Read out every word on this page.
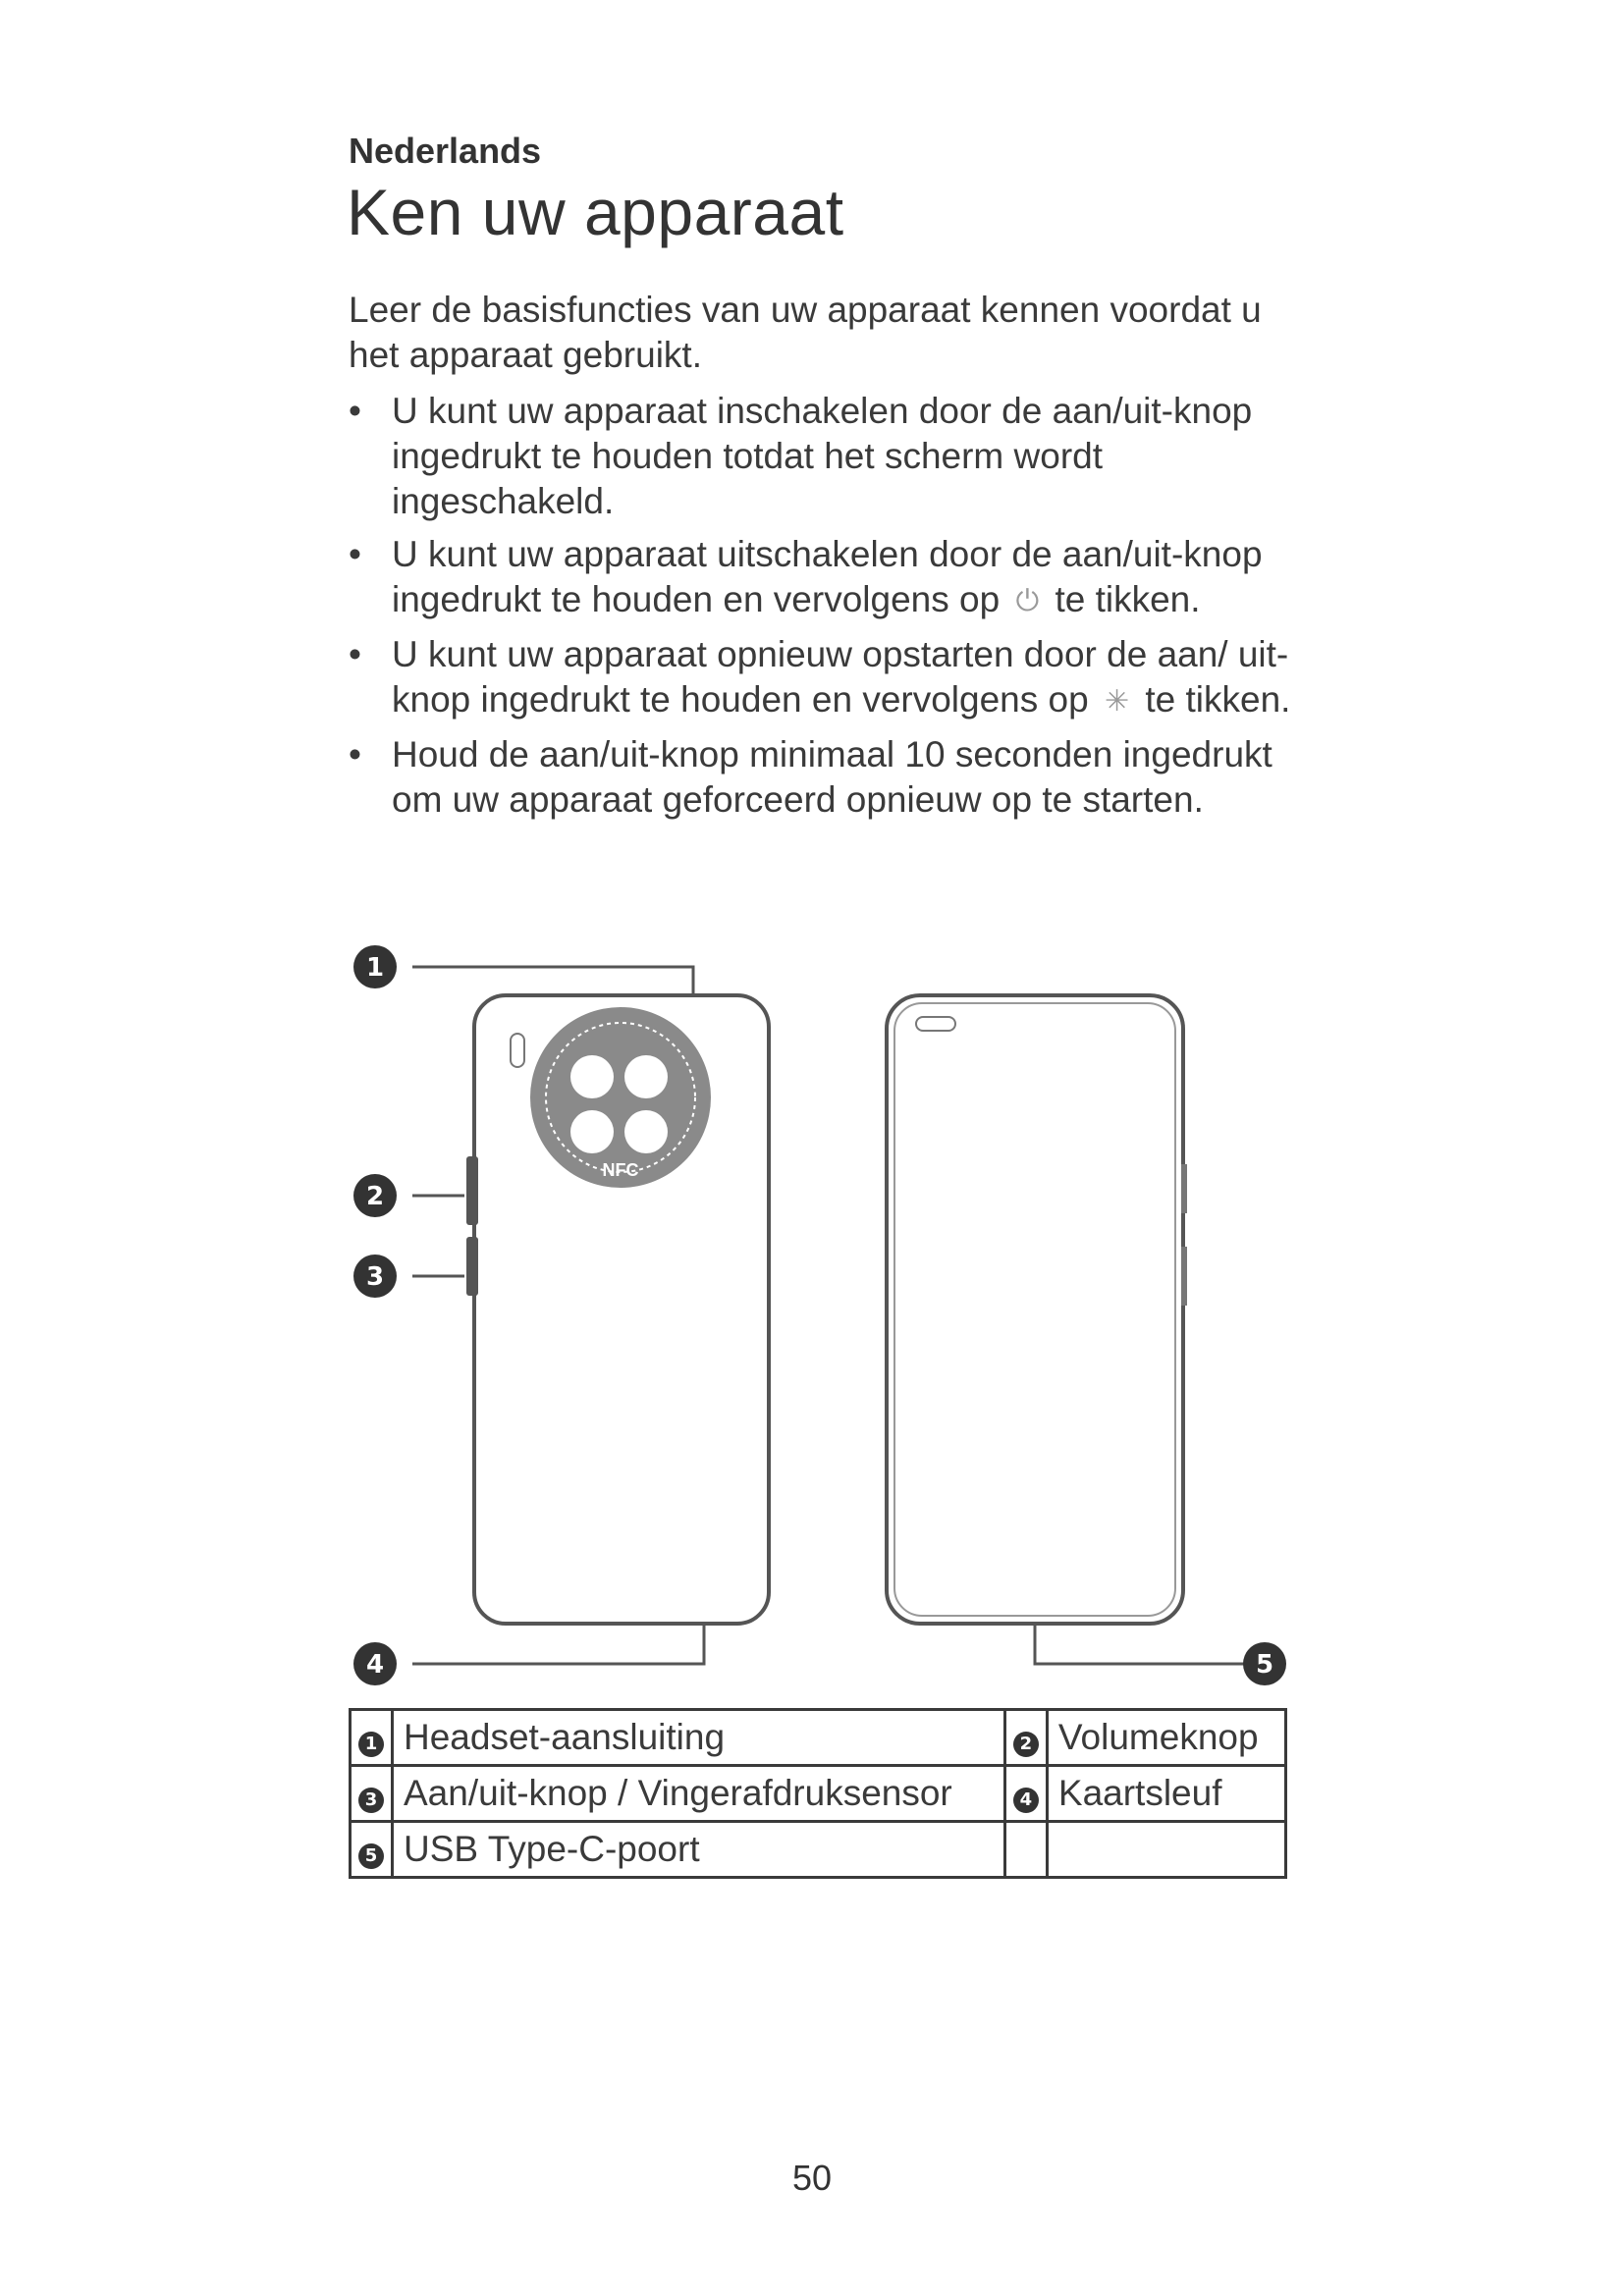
Nederlands
Ken uw apparaat
Leer de basisfuncties van uw apparaat kennen voordat u het apparaat gebruikt.
• U kunt uw apparaat inschakelen door de aan/uit-knop ingedrukt te houden totdat het scherm wordt ingeschakeld.
• U kunt uw apparaat uitschakelen door de aan/uit-knop ingedrukt te houden en vervolgens op ⏻ te tikken.
• U kunt uw apparaat opnieuw opstarten door de aan/ uit-knop ingedrukt te houden en vervolgens op ✳ te tikken.
• Houd de aan/uit-knop minimaal 10 seconden ingedrukt om uw apparaat geforceerd opnieuw op te starten.
NFC
1
2
3
4	5
1	Headset-aansluiting	2	Volumeknop
3	Aan/uit-knop / Vingerafdruksensor	4	Kaartsleuf
5	USB Type-C-poort		
50
